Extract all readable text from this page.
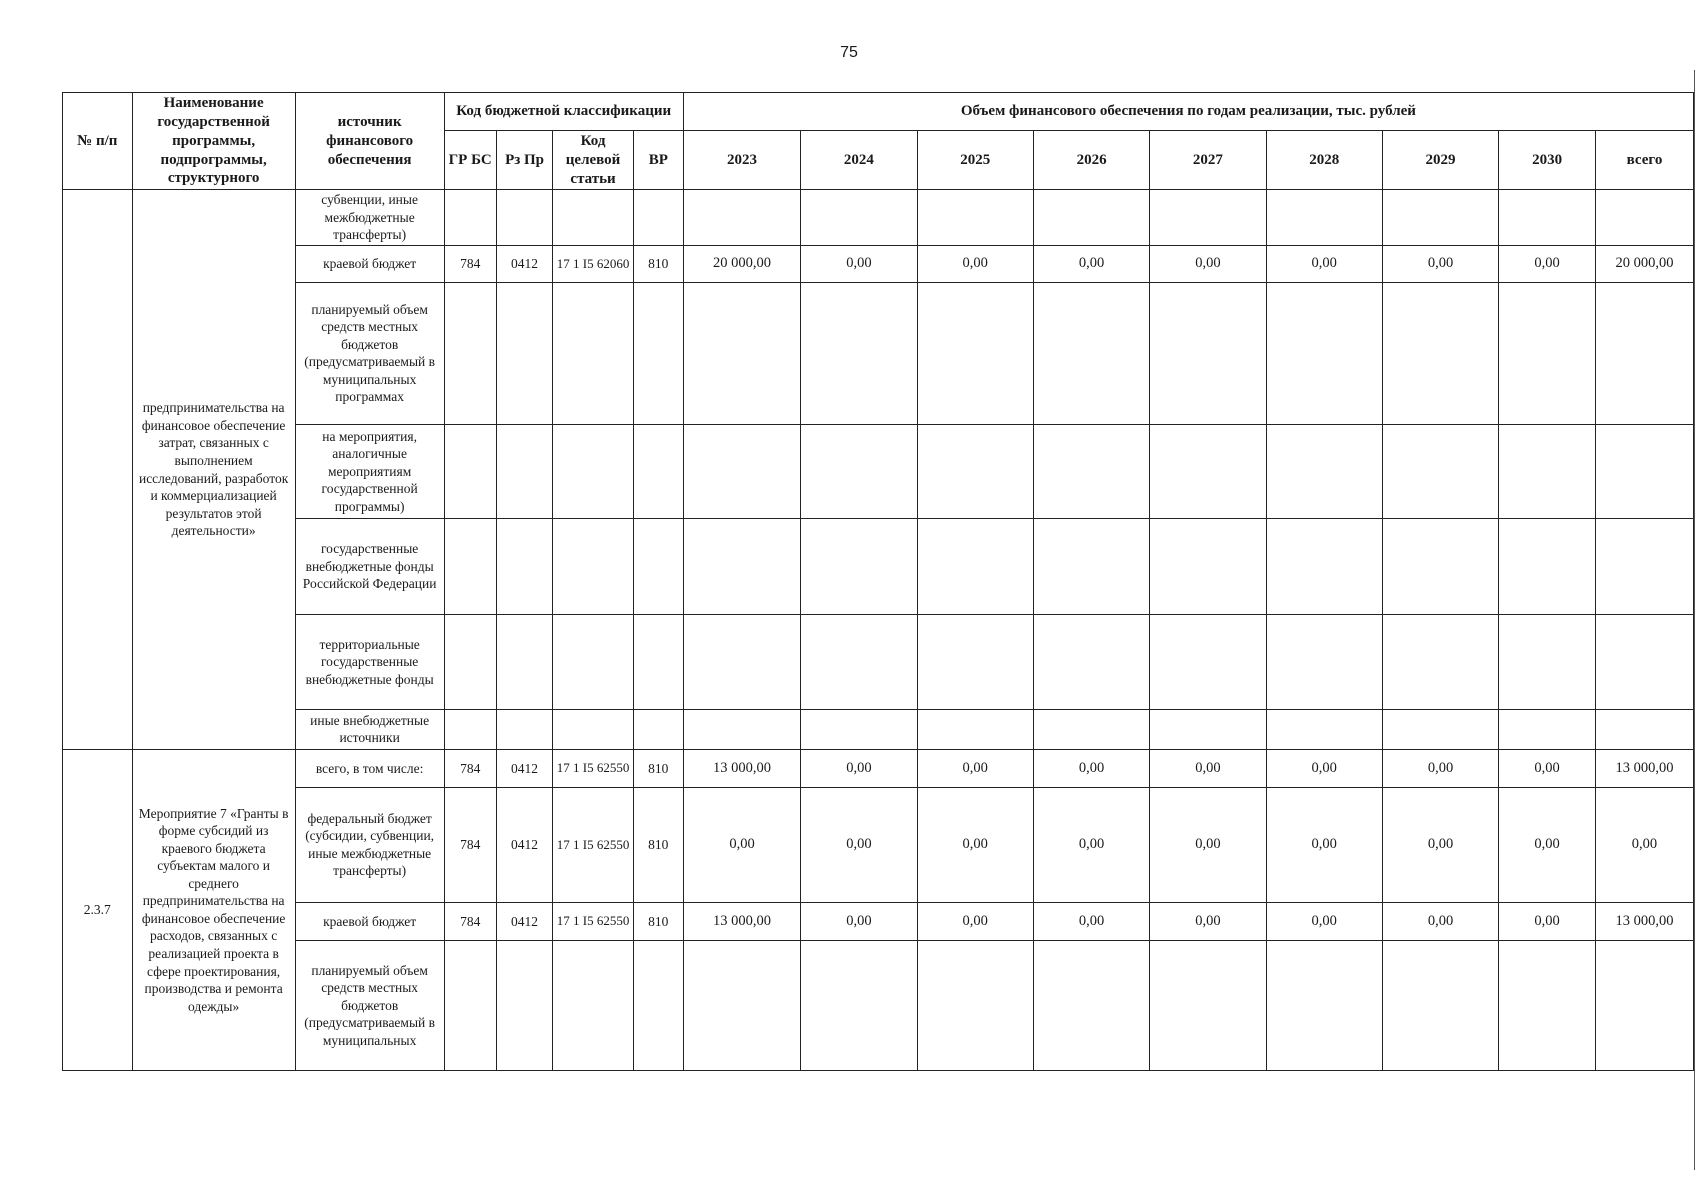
75
№ п/п	Наименование государственной программы, подпрограммы, структурного	источник финансового обеспечения	Код бюджетной классификации				Объем финансового обеспечения по годам реализации, тыс. рублей								
			ГР БС	Рз Пр	Код целевой статьи	ВР	2023	2024	2025	2026	2027	2028	2029	2030	всего
	предпринимательства на финансовое обеспечение затрат, связанных с выполнением исследований, разработок и коммерциализацией результатов этой деятельности»	субвенции, иные межбюджетные трансферты)													
		краевой бюджет	784	0412	17 1 I5 62060	810	20 000,00	0,00	0,00	0,00	0,00	0,00	0,00	0,00	20 000,00
		планируемый объем средств местных бюджетов (предусматриваемый в муниципальных программах													
		на мероприятия, аналогичные мероприятиям государственной программы)													
		государственные внебюджетные фонды Российской Федерации													
		территориальные государственные внебюджетные фонды													
		иные внебюджетные источники													
2.3.7	Мероприятие 7 «Гранты в форме субсидий из краевого бюджета субъектам малого и среднего предпринимательства на финансовое обеспечение расходов, связанных с реализацией проекта в сфере проектирования, производства и ремонта одежды»	всего, в том числе:	784	0412	17 1 I5 62550	810	13 000,00	0,00	0,00	0,00	0,00	0,00	0,00	0,00	13 000,00
		федеральный бюджет (субсидии, субвенции, иные межбюджетные трансферты)	784	0412	17 1 I5 62550	810	0,00	0,00	0,00	0,00	0,00	0,00	0,00	0,00	0,00
		краевой бюджет	784	0412	17 1 I5 62550	810	13 000,00	0,00	0,00	0,00	0,00	0,00	0,00	0,00	13 000,00
		планируемый объем средств местных бюджетов (предусматриваемый в муниципальных													
